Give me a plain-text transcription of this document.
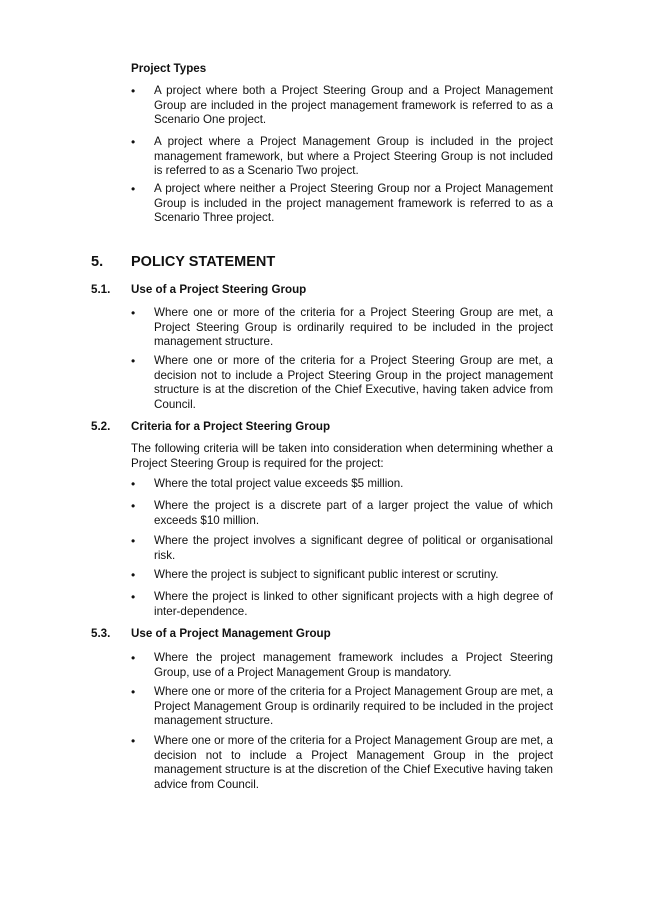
Project Types
• A project where both a Project Steering Group and a Project Management Group are included in the project management framework is referred to as a Scenario One project.
• A project where a Project Management Group is included in the project management framework, but where a Project Steering Group is not included is referred to as a Scenario Two project.
• A project where neither a Project Steering Group nor a Project Management Group is included in the project management framework is referred to as a Scenario Three project.
5. POLICY STATEMENT
5.1. Use of a Project Steering Group
• Where one or more of the criteria for a Project Steering Group are met, a Project Steering Group is ordinarily required to be included in the project management structure.
• Where one or more of the criteria for a Project Steering Group are met, a decision not to include a Project Steering Group in the project management structure is at the discretion of the Chief Executive, having taken advice from Council.
5.2. Criteria for a Project Steering Group
The following criteria will be taken into consideration when determining whether a Project Steering Group is required for the project:
• Where the total project value exceeds $5 million.
• Where the project is a discrete part of a larger project the value of which exceeds $10 million.
• Where the project involves a significant degree of political or organisational risk.
• Where the project is subject to significant public interest or scrutiny.
• Where the project is linked to other significant projects with a high degree of inter-dependence.
5.3. Use of a Project Management Group
• Where the project management framework includes a Project Steering Group, use of a Project Management Group is mandatory.
• Where one or more of the criteria for a Project Management Group are met, a Project Management Group is ordinarily required to be included in the project management structure.
• Where one or more of the criteria for a Project Management Group are met, a decision not to include a Project Management Group in the project management structure is at the discretion of the Chief Executive having taken advice from Council.
